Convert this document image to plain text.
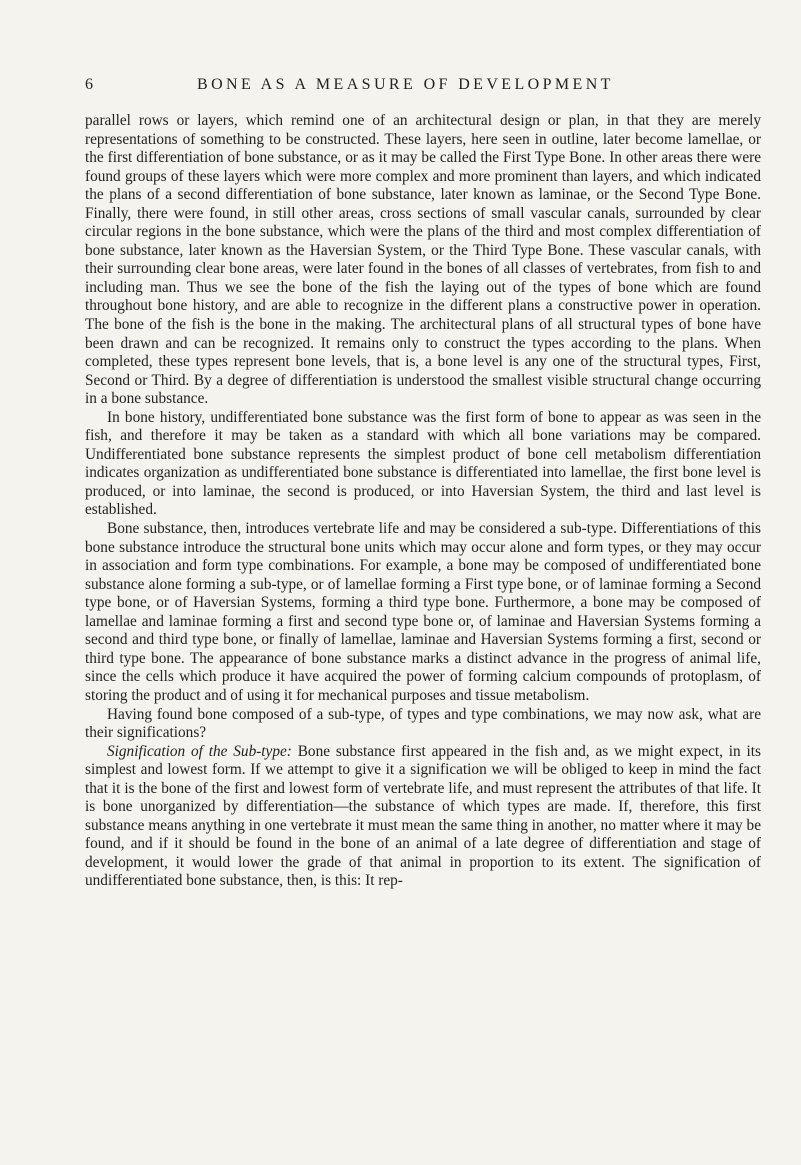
6	BONE AS A MEASURE OF DEVELOPMENT

parallel rows or layers, which remind one of an architectural design or plan, in that they are merely representations of something to be constructed. These layers, here seen in outline, later become lamellae, or the first differentiation of bone substance, or as it may be called the First Type Bone. In other areas there were found groups of these layers which were more complex and more prominent than layers, and which indicated the plans of a second differentiation of bone substance, later known as laminae, or the Second Type Bone. Finally, there were found, in still other areas, cross sections of small vascular canals, surrounded by clear circular regions in the bone substance, which were the plans of the third and most complex differentiation of bone substance, later known as the Haversian System, or the Third Type Bone. These vascular canals, with their surrounding clear bone areas, were later found in the bones of all classes of vertebrates, from fish to and including man. Thus we see the bone of the fish the laying out of the types of bone which are found throughout bone history, and are able to recognize in the different plans a constructive power in operation. The bone of the fish is the bone in the making. The architectural plans of all structural types of bone have been drawn and can be recognized. It remains only to construct the types according to the plans. When completed, these types represent bone levels, that is, a bone level is any one of the structural types, First, Second or Third. By a degree of differentiation is understood the smallest visible structural change occurring in a bone substance.

In bone history, undifferentiated bone substance was the first form of bone to appear as was seen in the fish, and therefore it may be taken as a standard with which all bone variations may be compared. Undifferentiated bone substance represents the simplest product of bone cell metabolism differentiation indicates organization as undifferentiated bone substance is differentiated into lamellae, the first bone level is produced, or into laminae, the second is produced, or into Haversian System, the third and last level is established.

Bone substance, then, introduces vertebrate life and may be considered a sub-type. Differentiations of this bone substance introduce the structural bone units which may occur alone and form types, or they may occur in association and form type combinations. For example, a bone may be composed of undifferentiated bone substance alone forming a sub-type, or of lamellae forming a First type bone, or of laminae forming a Second type bone, or of Haversian Systems, forming a third type bone. Furthermore, a bone may be composed of lamellae and laminae forming a first and second type bone or, of laminae and Haversian Systems forming a second and third type bone, or finally of lamellae, laminae and Haversian Systems forming a first, second or third type bone. The appearance of bone substance marks a distinct advance in the progress of animal life, since the cells which produce it have acquired the power of forming calcium compounds of protoplasm, of storing the product and of using it for mechanical purposes and tissue metabolism.

Having found bone composed of a sub-type, of types and type combinations, we may now ask, what are their significations?

Signification of the Sub-type: Bone substance first appeared in the fish and, as we might expect, in its simplest and lowest form. If we attempt to give it a signification we will be obliged to keep in mind the fact that it is the bone of the first and lowest form of vertebrate life, and must represent the attributes of that life. It is bone unorganized by differentiation—the substance of which types are made. If, therefore, this first substance means anything in one vertebrate it must mean the same thing in another, no matter where it may be found, and if it should be found in the bone of an animal of a late degree of differentiation and stage of development, it would lower the grade of that animal in proportion to its extent. The signification of undifferentiated bone substance, then, is this: It rep-
